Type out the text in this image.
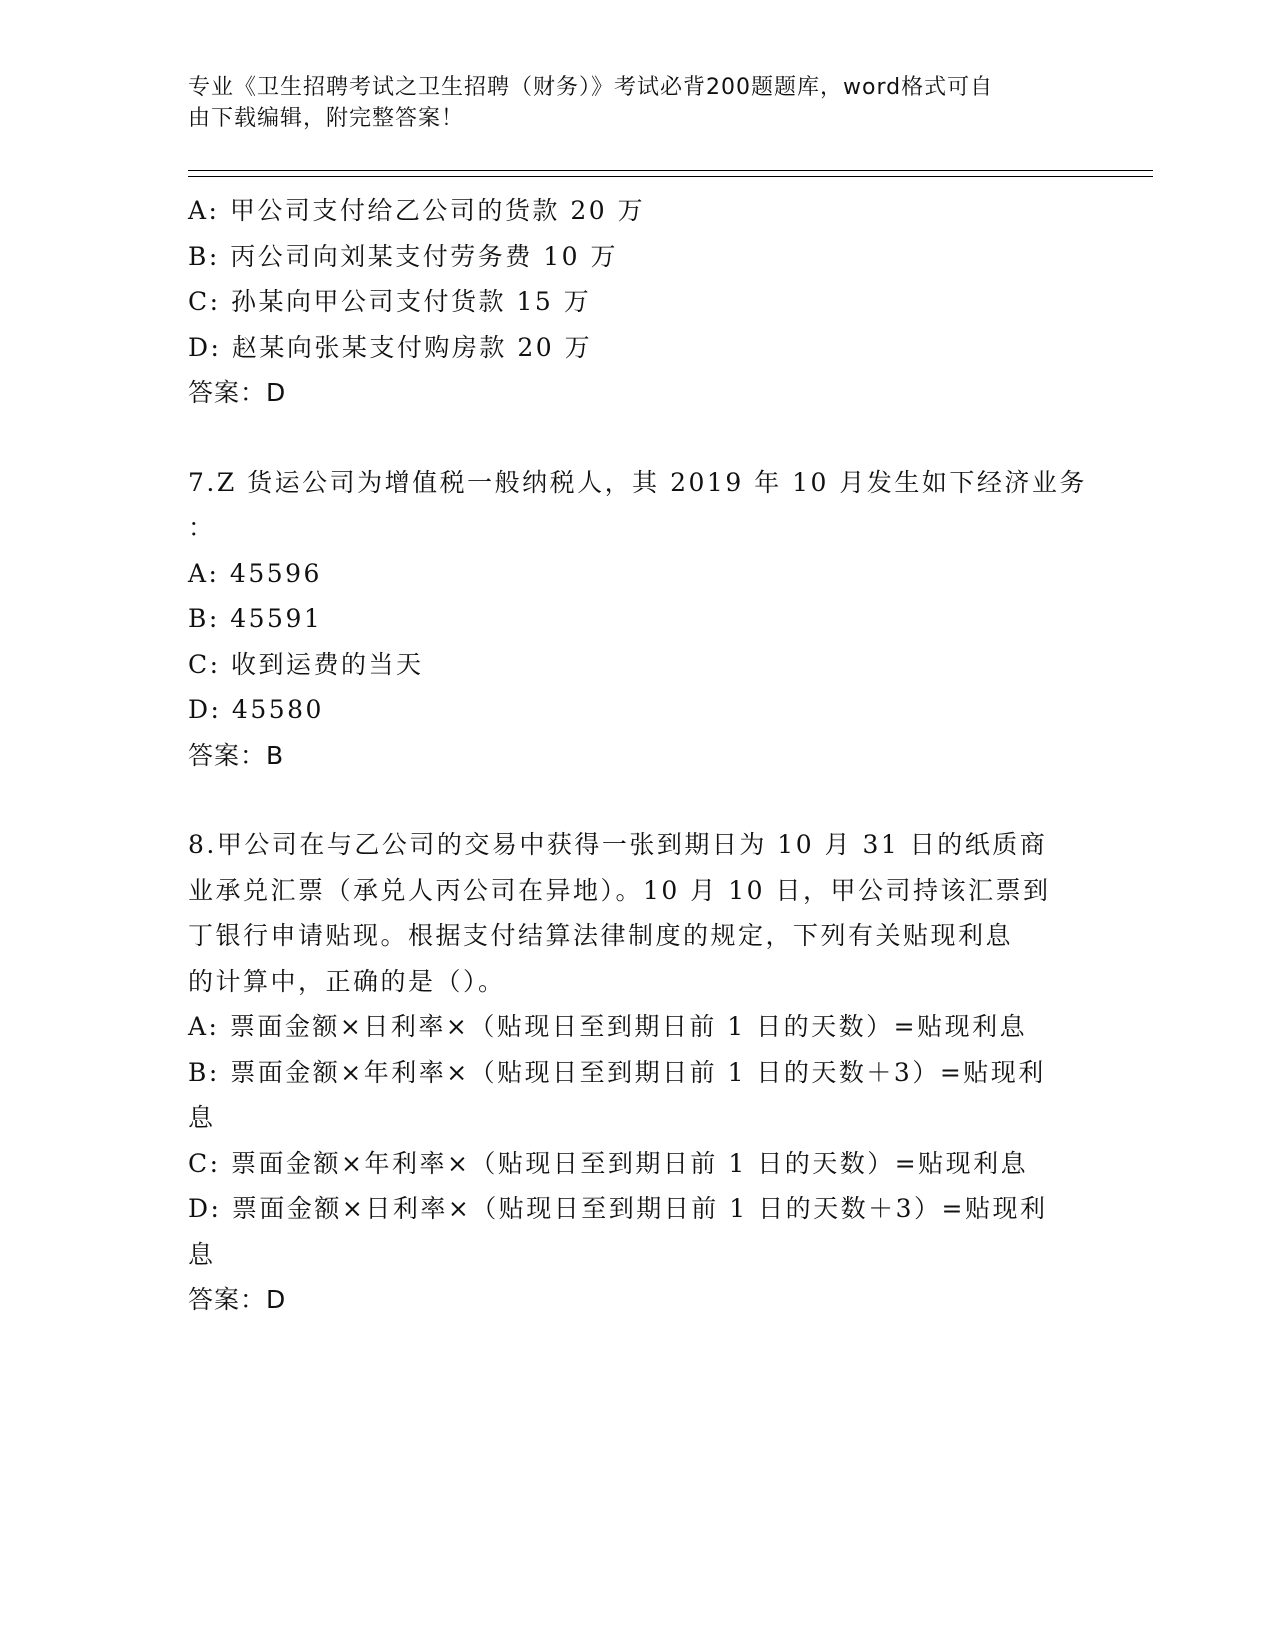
专业《卫生招聘考试之卫生招聘（财务）》考试必背200题题库，word格式可自
由下载编辑，附完整答案！
A: 甲公司支付给乙公司的货款 20 万
B: 丙公司向刘某支付劳务费 10 万
C: 孙某向甲公司支付货款 15 万
D: 赵某向张某支付购房款 20 万
答案：D
7.Z 货运公司为增值税一般纳税人，其 2019 年 10 月发生如下经济业务
：
A: 45596
B: 45591
C: 收到运费的当天
D: 45580
答案：B
8.甲公司在与乙公司的交易中获得一张到期日为 10 月 31 日的纸质商
业承兑汇票（承兑人丙公司在异地）。10 月 10 日，甲公司持该汇票到
丁银行申请贴现。根据支付结算法律制度的规定，下列有关贴现利息
的计算中，正确的是（）。
A: 票面金额×日利率×（贴现日至到期日前 1 日的天数）=贴现利息
B: 票面金额×年利率×（贴现日至到期日前 1 日的天数＋3）=贴现利
息
C: 票面金额×年利率×（贴现日至到期日前 1 日的天数）=贴现利息
D: 票面金额×日利率×（贴现日至到期日前 1 日的天数＋3）=贴现利
息
答案：D
